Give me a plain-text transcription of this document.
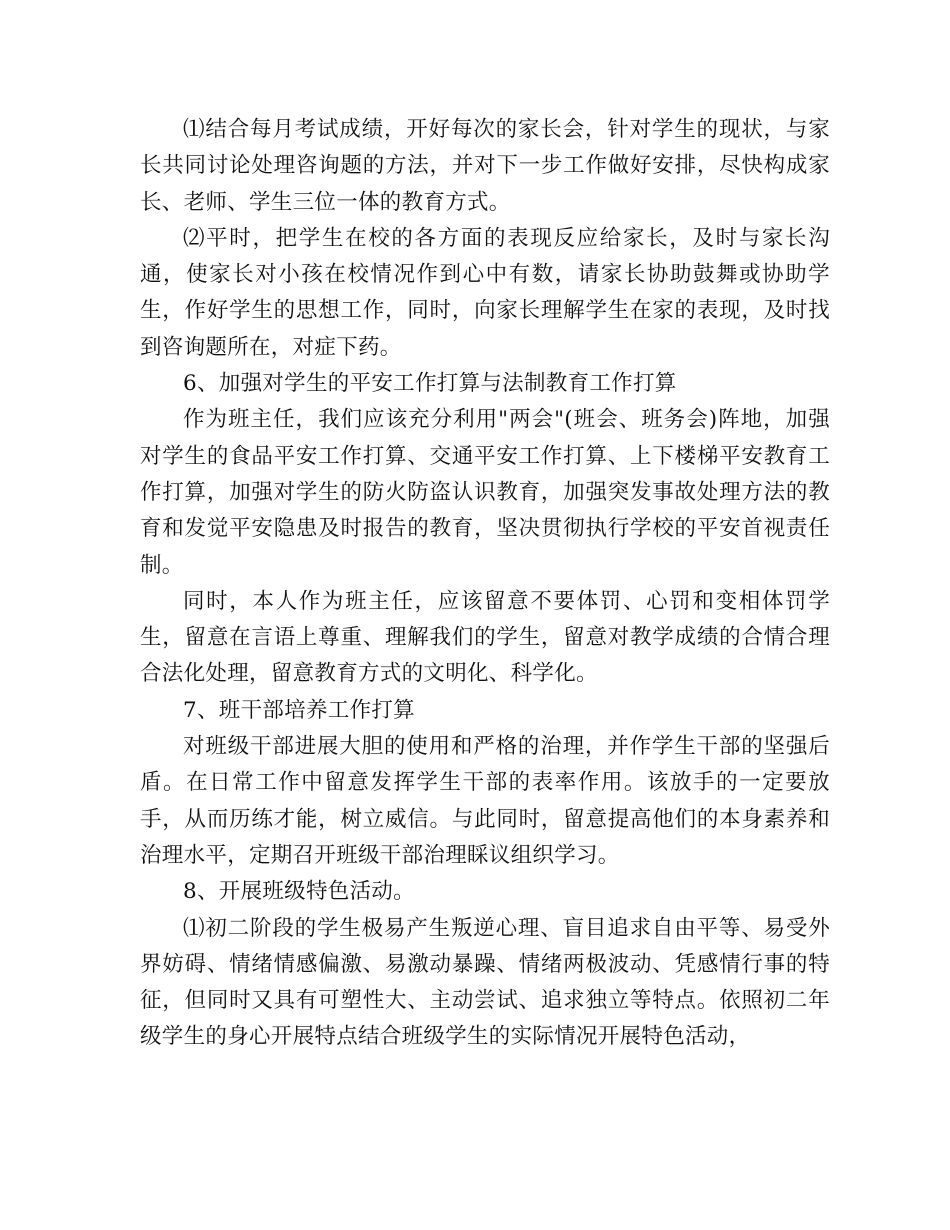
⑴结合每月考试成绩，开好每次的家长会，针对学生的现状，与家长共同讨论处理咨询题的方法，并对下一步工作做好安排，尽快构成家长、老师、学生三位一体的教育方式。

⑵平时，把学生在校的各方面的表现反应给家长，及时与家长沟通，使家长对小孩在校情况作到心中有数，请家长协助鼓舞或协助学生，作好学生的思想工作，同时，向家长理解学生在家的表现，及时找到咨询题所在，对症下药。

6、加强对学生的平安工作打算与法制教育工作打算

作为班主任，我们应该充分利用"两会"(班会、班务会)阵地，加强对学生的食品平安工作打算、交通平安工作打算、上下楼梯平安教育工作打算，加强对学生的防火防盗认识教育，加强突发事故处理方法的教育和发觉平安隐患及时报告的教育，坚决贯彻执行学校的平安首视责任制。

同时，本人作为班主任，应该留意不要体罚、心罚和变相体罚学生，留意在言语上尊重、理解我们的学生，留意对教学成绩的合情合理合法化处理，留意教育方式的文明化、科学化。

7、班干部培养工作打算

对班级干部进展大胆的使用和严格的治理，并作学生干部的坚强后盾。在日常工作中留意发挥学生干部的表率作用。该放手的一定要放手，从而历练才能，树立威信。与此同时，留意提高他们的本身素养和治理水平，定期召开班级干部治理睬议组织学习。

8、开展班级特色活动。

⑴初二阶段的学生极易产生叛逆心理、盲目追求自由平等、易受外界妨碍、情绪情感偏激、易激动暴躁、情绪两极波动、凭感情行事的特征，但同时又具有可塑性大、主动尝试、追求独立等特点。依照初二年级学生的身心开展特点结合班级学生的实际情况开展特色活动，
